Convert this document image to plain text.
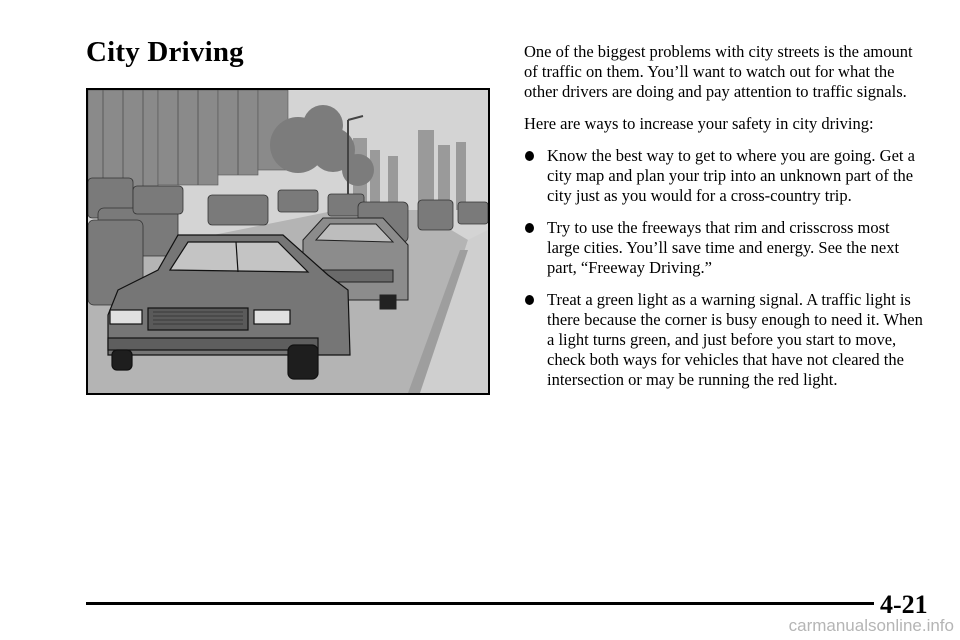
City Driving	One of the biggest problems with city streets is the amount of traffic on them. You’ll want to watch out for what the other drivers are doing and pay attention to traffic signals.

Here are ways to increase your safety in city driving:

Know the best way to get to where you are going. Get a city map and plan your trip into an unknown part of the city just as you would for a cross-country trip.
Try to use the freeways that rim and crisscross most large cities. You’ll save time and energy. See the next part, “Freeway Driving.”
Treat a green light as a warning signal. A traffic light is there because the corner is busy enough to need it. When a light turns green, and just before you start to move, check both ways for vehicles that have not cleared the intersection or may be running the red light.
4-21
carmanualsonline.info
